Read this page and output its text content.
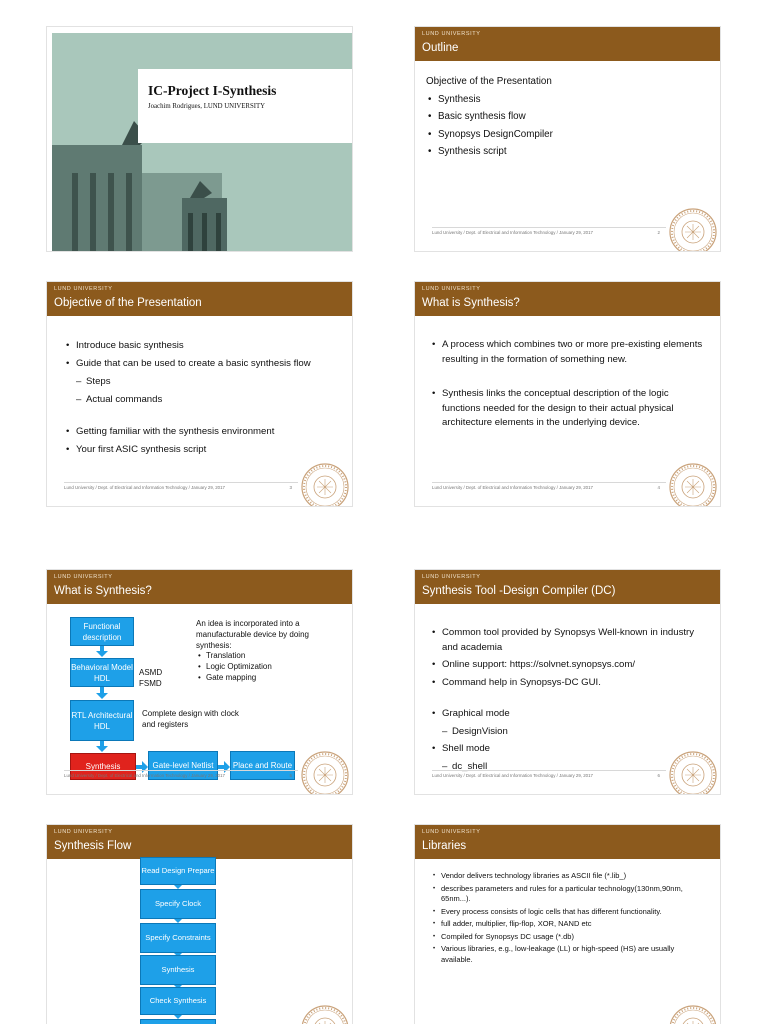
IC-Project I-Synthesis
Joachim Rodrigues, LUND UNIVERSITY
LUND UNIVERSITY
Outline
Objective of the Presentation
• Synthesis
• Basic synthesis flow
• Synopsys DesignCompiler
• Synthesis script
Lund University / Dept. of Electrical and Information Technology / January 29, 2017	2
LUND UNIVERSITY
Objective of the Presentation
• Introduce basic synthesis
• Guide that can be used to create a basic synthesis flow
– Steps
– Actual commands
• Getting familiar with the synthesis environment
• Your first ASIC synthesis script
Lund University / Dept. of Electrical and Information Technology / January 29, 2017	3
LUND UNIVERSITY
What is Synthesis?
• A process which combines two or more pre-existing elements resulting in the formation of something new.
• Synthesis links the conceptual description of the logic functions needed for the design to their actual physical architecture elements in the underlying device.
Lund University / Dept. of Electrical and Information Technology / January 29, 2017	4
LUND UNIVERSITY
What is Synthesis?
Functional description
Behavioral Model HDL
RTL Architectural HDL
Synthesis	Gate-level Netlist	Place and Route
ASMD
FSMD
An idea is incorporated into a manufacturable device by doing synthesis:
• Translation
• Logic Optimization
• Gate mapping
Complete design with clock and registers
Lund University / Dept. of Electrical and Information Technology / January 29, 2017	5
LUND UNIVERSITY
Synthesis Tool -Design Compiler (DC)
• Common tool provided by Synopsys Well-known in industry and academia
• Online support: https://solvnet.synopsys.com/
• Command help in Synopsys-DC GUI.
• Graphical mode
– DesignVision
• Shell mode
– dc_shell
Lund University / Dept. of Electrical and Information Technology / January 29, 2017	6
LUND UNIVERSITY
Synthesis Flow
Read Design Prepare
Specify Clock
Specify Constraints
Synthesis
Check Synthesis
LUND UNIVERSITY
Libraries
• Vendor delivers technology libraries as ASCII file (*.lib_)
• describes parameters and rules for a particular technology(130nm,90nm, 65nm...).
• Every process consists of logic cells that has different functionality.
• full adder, multiplier, flip-flop, XOR, NAND etc
• Compiled for Synopsys DC usage (*.db)
• Various libraries, e.g., low-leakage (LL) or high-speed (HS) are usually available.
